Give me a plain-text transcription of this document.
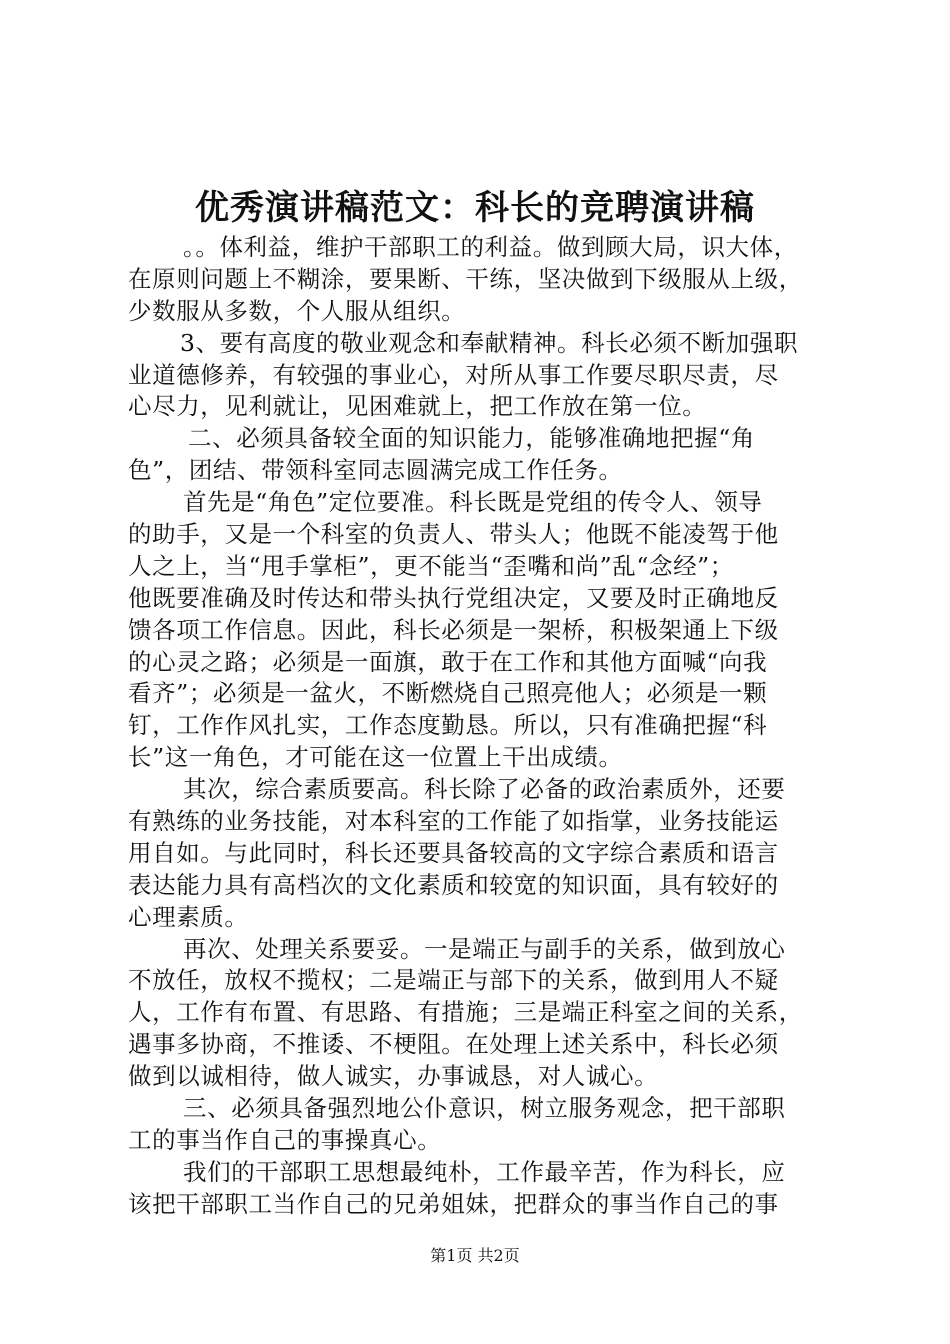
优秀演讲稿范文：科长的竞聘演讲稿
。。体利益，维护干部职工的利益。做到顾大局，识大体，
在原则问题上不糊涂，要果断、干练，坚决做到下级服从上级，
少数服从多数，个人服从组织。
3、要有高度的敬业观念和奉献精神。科长必须不断加强职
业道德修养，有较强的事业心，对所从事工作要尽职尽责，尽
心尽力，见利就让，见困难就上，把工作放在第一位。
二、必须具备较全面的知识能力，能够准确地把握“角
色”，团结、带领科室同志圆满完成工作任务。
首先是“角色”定位要准。科长既是党组的传令人、领导
的助手，又是一个科室的负责人、带头人；他既不能凌驾于他
人之上，当“甩手掌柜”，更不能当“歪嘴和尚”乱“念经”；
他既要准确及时传达和带头执行党组决定，又要及时正确地反
馈各项工作信息。因此，科长必须是一架桥，积极架通上下级
的心灵之路；必须是一面旗，敢于在工作和其他方面喊“向我
看齐”；必须是一盆火，不断燃烧自己照亮他人；必须是一颗
钉，工作作风扎实，工作态度勤恳。所以，只有准确把握“科
长”这一角色，才可能在这一位置上干出成绩。
其次，综合素质要高。科长除了必备的政治素质外，还要
有熟练的业务技能，对本科室的工作能了如指掌，业务技能运
用自如。与此同时，科长还要具备较高的文字综合素质和语言
表达能力具有高档次的文化素质和较宽的知识面，具有较好的
心理素质。
再次、处理关系要妥。一是端正与副手的关系，做到放心
不放任，放权不揽权；二是端正与部下的关系，做到用人不疑
人，工作有布置、有思路、有措施；三是端正科室之间的关系，
遇事多协商，不推诿、不梗阻。在处理上述关系中，科长必须
做到以诚相待，做人诚实，办事诚恳，对人诚心。
三、必须具备强烈地公仆意识，树立服务观念，把干部职
工的事当作自己的事操真心。
我们的干部职工思想最纯朴，工作最辛苦，作为科长，应
该把干部职工当作自己的兄弟姐妹，把群众的事当作自己的事
第1页 共2页
